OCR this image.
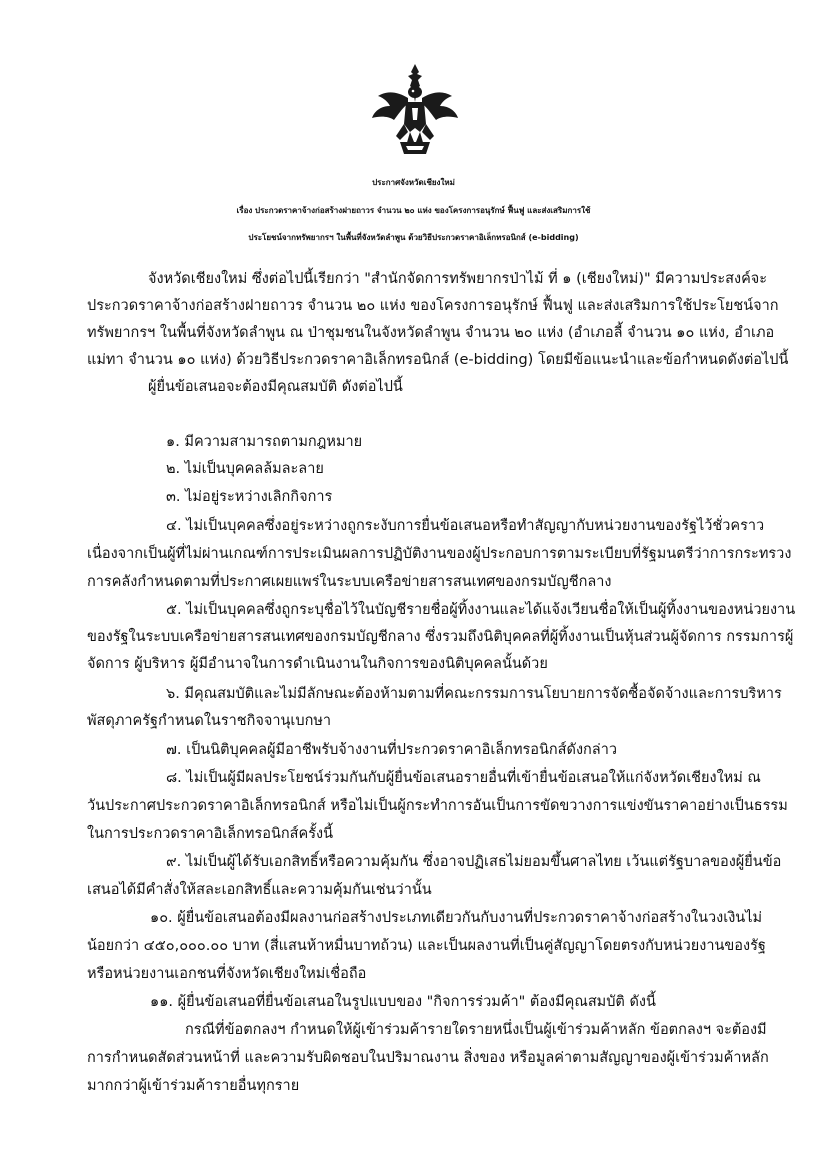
ประกาศจังหวัดเชียงใหม่
เรื่อง ประกวดราคาจ้างก่อสร้างฝายถาวร จำนวน ๒๐ แห่ง ของโครงการอนุรักษ์ ฟื้นฟู และส่งเสริมการใช้
ประโยชน์จากทรัพยากรฯ ในพื้นที่จังหวัดลำพูน ด้วยวิธีประกวดราคาอิเล็กทรอนิกส์ (e-bidding)
จังหวัดเชียงใหม่ ซึ่งต่อไปนี้เรียกว่า "สำนักจัดการทรัพยากรป่าไม้ ที่ ๑ (เชียงใหม่)" มีความประสงค์จะ
ประกวดราคาจ้างก่อสร้างฝายถาวร จำนวน ๒๐ แห่ง ของโครงการอนุรักษ์ ฟื้นฟู และส่งเสริมการใช้ประโยชน์จาก
ทรัพยากรฯ ในพื้นที่จังหวัดลำพูน ณ ป่าชุมชนในจังหวัดลำพูน จำนวน ๒๐ แห่ง (อำเภอลี้ จำนวน ๑๐ แห่ง, อำเภอ
แม่ทา จำนวน ๑๐ แห่ง) ด้วยวิธีประกวดราคาอิเล็กทรอนิกส์ (e-bidding) โดยมีข้อแนะนำและข้อกำหนดดังต่อไปนี้
ผู้ยื่นข้อเสนอจะต้องมีคุณสมบัติ ดังต่อไปนี้
๑. มีความสามารถตามกฎหมาย
๒. ไม่เป็นบุคคลล้มละลาย
๓. ไม่อยู่ระหว่างเลิกกิจการ
๔. ไม่เป็นบุคคลซึ่งอยู่ระหว่างถูกระงับการยื่นข้อเสนอหรือทำสัญญากับหน่วยงานของรัฐไว้ชั่วคราว
เนื่องจากเป็นผู้ที่ไม่ผ่านเกณฑ์การประเมินผลการปฏิบัติงานของผู้ประกอบการตามระเบียบที่รัฐมนตรีว่าการกระทรวง
การคลังกำหนดตามที่ประกาศเผยแพร่ในระบบเครือข่ายสารสนเทศของกรมบัญชีกลาง
๕. ไม่เป็นบุคคลซึ่งถูกระบุชื่อไว้ในบัญชีรายชื่อผู้ทิ้งงานและได้แจ้งเวียนชื่อให้เป็นผู้ทิ้งงานของหน่วยงาน
ของรัฐในระบบเครือข่ายสารสนเทศของกรมบัญชีกลาง ซึ่งรวมถึงนิติบุคคลที่ผู้ทิ้งงานเป็นหุ้นส่วนผู้จัดการ กรรมการผู้
จัดการ ผู้บริหาร ผู้มีอำนาจในการดำเนินงานในกิจการของนิติบุคคลนั้นด้วย
๖. มีคุณสมบัติและไม่มีลักษณะต้องห้ามตามที่คณะกรรมการนโยบายการจัดซื้อจัดจ้างและการบริหาร
พัสดุภาครัฐกำหนดในราชกิจจานุเบกษา
๗. เป็นนิติบุคคลผู้มีอาชีพรับจ้างงานที่ประกวดราคาอิเล็กทรอนิกส์ดังกล่าว
๘. ไม่เป็นผู้มีผลประโยชน์ร่วมกันกับผู้ยื่นข้อเสนอรายอื่นที่เข้ายื่นข้อเสนอให้แก่จังหวัดเชียงใหม่ ณ
วันประกาศประกวดราคาอิเล็กทรอนิกส์ หรือไม่เป็นผู้กระทำการอันเป็นการขัดขวางการแข่งขันราคาอย่างเป็นธรรม
ในการประกวดราคาอิเล็กทรอนิกส์ครั้งนี้
๙. ไม่เป็นผู้ได้รับเอกสิทธิ์หรือความคุ้มกัน ซึ่งอาจปฏิเสธไม่ยอมขึ้นศาลไทย เว้นแต่รัฐบาลของผู้ยื่นข้อ
เสนอได้มีคำสั่งให้สละเอกสิทธิ์และความคุ้มกันเช่นว่านั้น
๑๐. ผู้ยื่นข้อเสนอต้องมีผลงานก่อสร้างประเภทเดียวกันกับงานที่ประกวดราคาจ้างก่อสร้างในวงเงินไม่
น้อยกว่า ๔๕๐,๐๐๐.๐๐ บาท (สี่แสนห้าหมื่นบาทถ้วน) และเป็นผลงานที่เป็นคู่สัญญาโดยตรงกับหน่วยงานของรัฐ
หรือหน่วยงานเอกชนที่จังหวัดเชียงใหม่เชื่อถือ
๑๑. ผู้ยื่นข้อเสนอที่ยื่นข้อเสนอในรูปแบบของ "กิจการร่วมค้า" ต้องมีคุณสมบัติ ดังนี้
กรณีที่ข้อตกลงฯ กำหนดให้ผู้เข้าร่วมค้ารายใดรายหนึ่งเป็นผู้เข้าร่วมค้าหลัก ข้อตกลงฯ จะต้องมี
การกำหนดสัดส่วนหน้าที่ และความรับผิดชอบในปริมาณงาน สิ่งของ หรือมูลค่าตามสัญญาของผู้เข้าร่วมค้าหลัก
มากกว่าผู้เข้าร่วมค้ารายอื่นทุกราย
